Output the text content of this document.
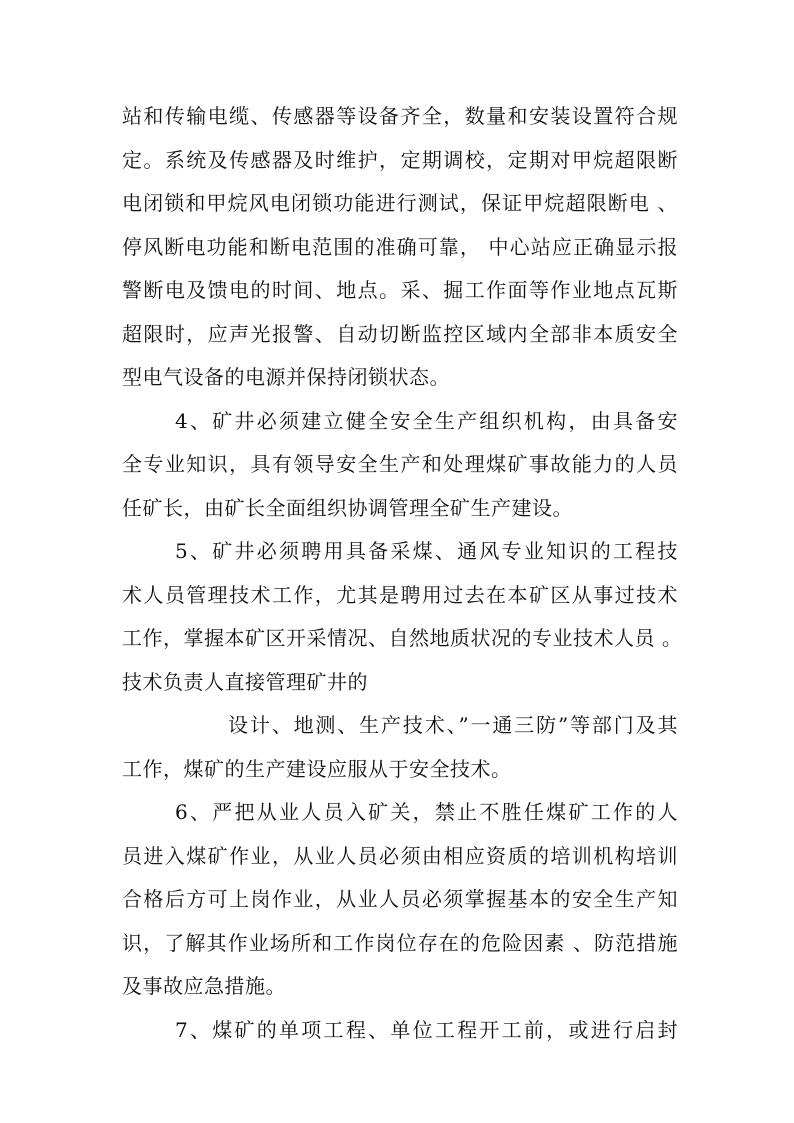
站和传输电缆、传感器等设备齐全，数量和安装设置符合规
定。系统及传感器及时维护，定期调校，定期对甲烷超限断
电闭锁和甲烷风电闭锁功能进行测试，保证甲烷超限断电 、
停风断电功能和断电范围的准确可靠， 中心站应正确显示报
警断电及馈电的时间、地点。采、掘工作面等作业地点瓦斯
超限时，应声光报警、自动切断监控区域内全部非本质安全
型电气设备的电源并保持闭锁状态。
4、矿井必须建立健全安全生产组织机构，由具备安
全专业知识，具有领导安全生产和处理煤矿事故能力的人员
任矿长，由矿长全面组织协调管理全矿生产建设。
5、矿井必须聘用具备采煤、通风专业知识的工程技
术人员管理技术工作，尤其是聘用过去在本矿区从事过技术
工作，掌握本矿区开采情况、自然地质状况的专业技术人员 。
技术负责人直接管理矿井的
设计、地测、生产技术、”一通三防”等部门及其
工作，煤矿的生产建设应服从于安全技术。
6、严把从业人员入矿关，禁止不胜任煤矿工作的人
员进入煤矿作业，从业人员必须由相应资质的培训机构培训
合格后方可上岗作业，从业人员必须掌握基本的安全生产知
识，了解其作业场所和工作岗位存在的危险因素 、防范措施
及事故应急措施。
7、煤矿的单项工程、单位工程开工前，或进行启封
